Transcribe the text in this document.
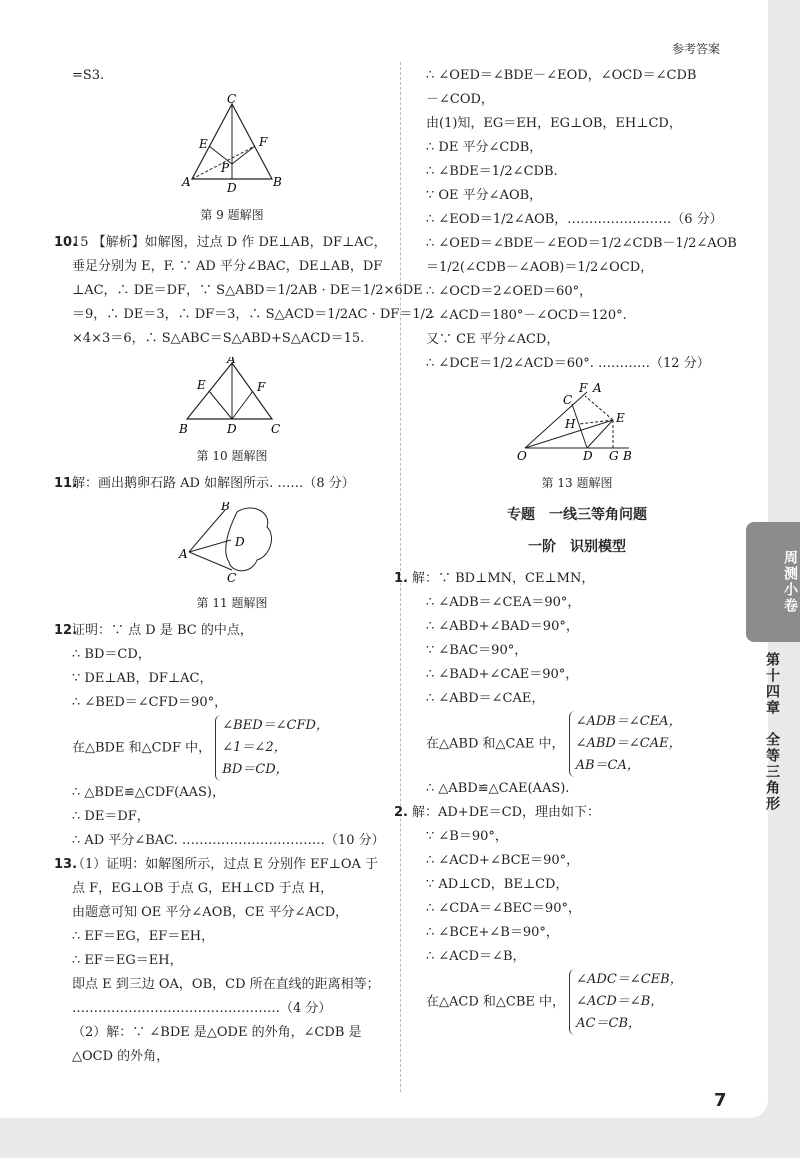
参考答案
=S3.
C
E	F
P
A	D	B
第 9 题解图
10.15 【解析】如解图，过点 D 作 DE⊥AB，DF⊥AC，
垂足分别为 E，F. ∵ AD 平分∠BAC，DE⊥AB，DF
⊥AC，∴ DE＝DF，∵ S△ABD＝1/2AB · DE＝1/2×6DE
＝9，∴ DE＝3，∴ DF＝3，∴ S△ACD＝1/2AC · DF＝1/2
×4×3＝6，∴ S△ABC＝S△ABD+S△ACD＝15.
A
E	F
B	D	C
第 10 题解图
11.解：画出鹅卵石路 AD 如解图所示. ……（8 分）
B
A
D
C
第 11 题解图
12.证明：∵ 点 D 是 BC 的中点，
∴ BD＝CD，
∵ DE⊥AB，DF⊥AC，
∴ ∠BED＝∠CFD＝90°，
在△BDE 和△CDF 中，
∠BED＝∠CFD，
∠1＝∠2，
BD＝CD，
∴ △BDE≌△CDF(AAS)，
∴ DE＝DF，
∴ AD 平分∠BAC. ……………………………（10 分）
13.（1）证明：如解图所示，过点 E 分别作 EF⊥OA 于
点 F，EG⊥OB 于点 G，EH⊥CD 于点 H，
由题意可知 OE 平分∠AOB，CE 平分∠ACD，
∴ EF＝EG，EF＝EH，
∴ EF＝EG＝EH，
即点 E 到三边 OA，OB，CD 所在直线的距离相等；
…………………………………………（4 分）
（2）解：∵ ∠BDE 是△ODE 的外角，∠CDB 是
△OCD 的外角，
∴ ∠OED＝∠BDE－∠EOD，∠OCD＝∠CDB
－∠COD，
由(1)知，EG＝EH，EG⊥OB，EH⊥CD，
∴ DE 平分∠CDB，
∴ ∠BDE＝1/2∠CDB.
∵ OE 平分∠AOB，
∴ ∠EOD＝1/2∠AOB，……………………（6 分）
∴ ∠OED＝∠BDE－∠EOD＝1/2∠CDB－1/2∠AOB
＝1/2(∠CDB－∠AOB)＝1/2∠OCD，
∴ ∠OCD＝2∠OED＝60°，
∴ ∠ACD＝180°－∠OCD＝120°.
又∵ CE 平分∠ACD，
∴ ∠DCE＝1/2∠ACD＝60°. …………（12 分）
O
C
F A
H	E
D G B
第 13 题解图
专题　一线三等角问题
一阶　识别模型
1. 解：∵ BD⊥MN，CE⊥MN，
∴ ∠ADB＝∠CEA＝90°，
∴ ∠ABD+∠BAD＝90°，
∵ ∠BAC＝90°，
∴ ∠BAD+∠CAE＝90°，
∴ ∠ABD＝∠CAE，
在△ABD 和△CAE 中，
∠ADB＝∠CEA，
∠ABD＝∠CAE，
AB＝CA，
∴ △ABD≌△CAE(AAS).
2. 解：AD+DE＝CD，理由如下：
∵ ∠B＝90°，
∴ ∠ACD+∠BCE＝90°，
∵ AD⊥CD，BE⊥CD，
∴ ∠CDA＝∠BEC＝90°，
∴ ∠BCE+∠B＝90°，
∴ ∠ACD＝∠B，
在△ACD 和△CBE 中，
∠ADC＝∠CEB，
∠ACD＝∠B，
AC＝CB，
7
周测小卷
第十四章　全等三角形
